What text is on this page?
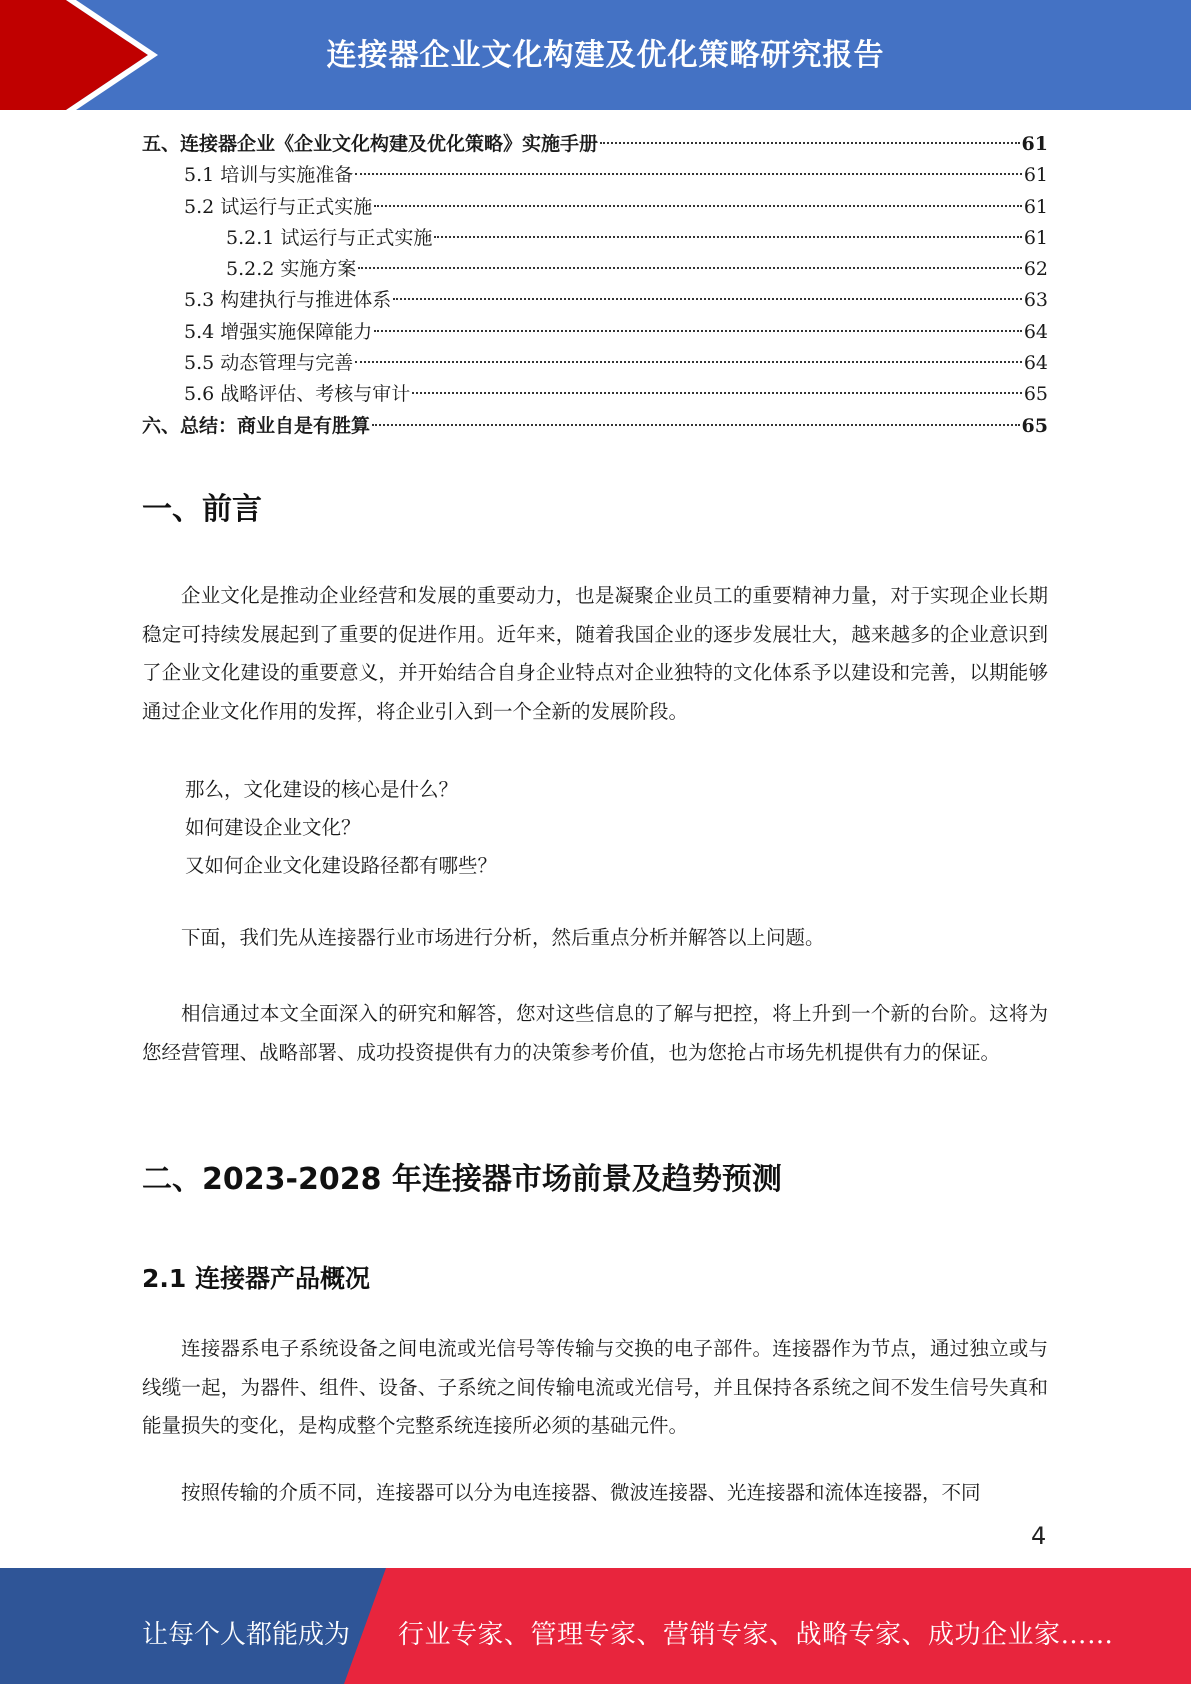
连接器企业文化构建及优化策略研究报告
五、连接器企业《企业文化构建及优化策略》实施手册	61
5.1 培训与实施准备	61
5.2 试运行与正式实施	61
5.2.1 试运行与正式实施	61
5.2.2 实施方案	62
5.3 构建执行与推进体系	63
5.4 增强实施保障能力	64
5.5 动态管理与完善	64
5.6 战略评估、考核与审计	65
六、总结：商业自是有胜算	65
一、前言

企业文化是推动企业经营和发展的重要动力，也是凝聚企业员工的重要精神力量，对于实现企业长期稳定可持续发展起到了重要的促进作用。近年来，随着我国企业的逐步发展壮大，越来越多的企业意识到了企业文化建设的重要意义，并开始结合自身企业特点对企业独特的文化体系予以建设和完善，以期能够通过企业文化作用的发挥，将企业引入到一个全新的发展阶段。

那么，文化建设的核心是什么？
如何建设企业文化？
又如何企业文化建设路径都有哪些？

下面，我们先从连接器行业市场进行分析，然后重点分析并解答以上问题。

相信通过本文全面深入的研究和解答，您对这些信息的了解与把控，将上升到一个新的台阶。这将为您经营管理、战略部署、成功投资提供有力的决策参考价值，也为您抢占市场先机提供有力的保证。

二、2023-2028 年连接器市场前景及趋势预测
2.1 连接器产品概况

连接器系电子系统设备之间电流或光信号等传输与交换的电子部件。连接器作为节点，通过独立或与线缆一起，为器件、组件、设备、子系统之间传输电流或光信号，并且保持各系统之间不发生信号失真和能量损失的变化，是构成整个完整系统连接所必须的基础元件。

按照传输的介质不同，连接器可以分为电连接器、微波连接器、光连接器和流体连接器，不同

4
让每个人都能成为 行业专家、管理专家、营销专家、战略专家、成功企业家……
